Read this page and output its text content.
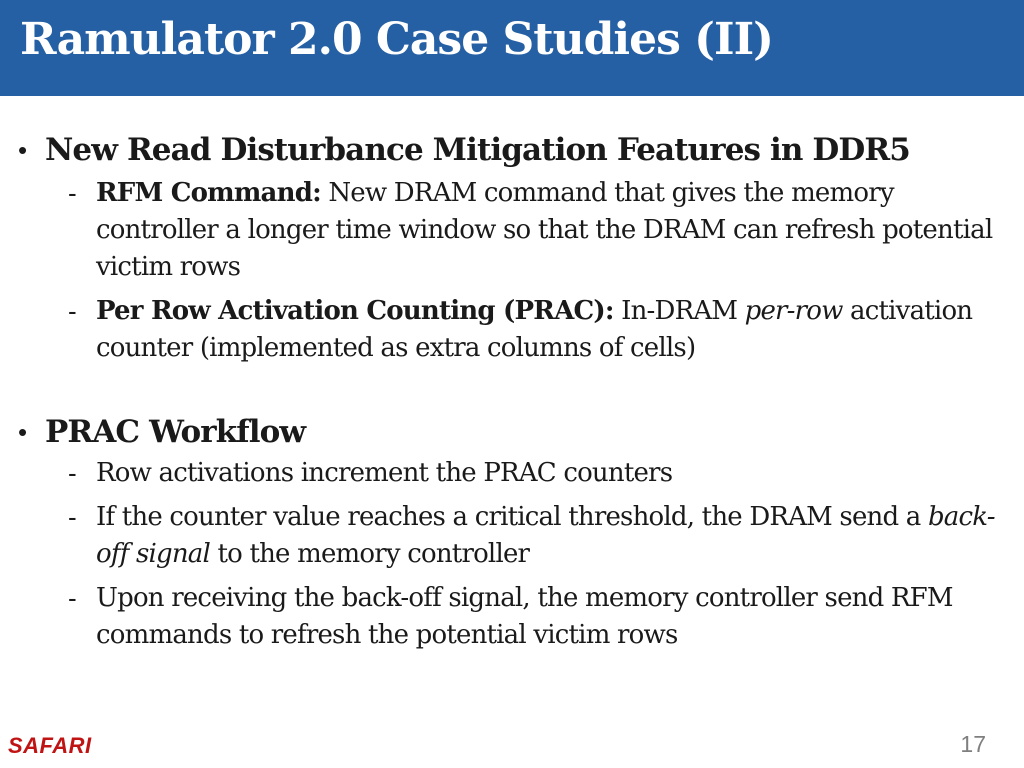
Ramulator 2.0 Case Studies (II)
• New Read Disturbance Mitigation Features in DDR5
- RFM Command: New DRAM command that gives the memory controller a longer time window so that the DRAM can refresh potential victim rows
- Per Row Activation Counting (PRAC): In-DRAM per-row activation counter (implemented as extra columns of cells)
• PRAC Workflow
- Row activations increment the PRAC counters
- If the counter value reaches a critical threshold, the DRAM send a back-off signal to the memory controller
- Upon receiving the back-off signal, the memory controller send RFM commands to refresh the potential victim rows
SAFARI	17
